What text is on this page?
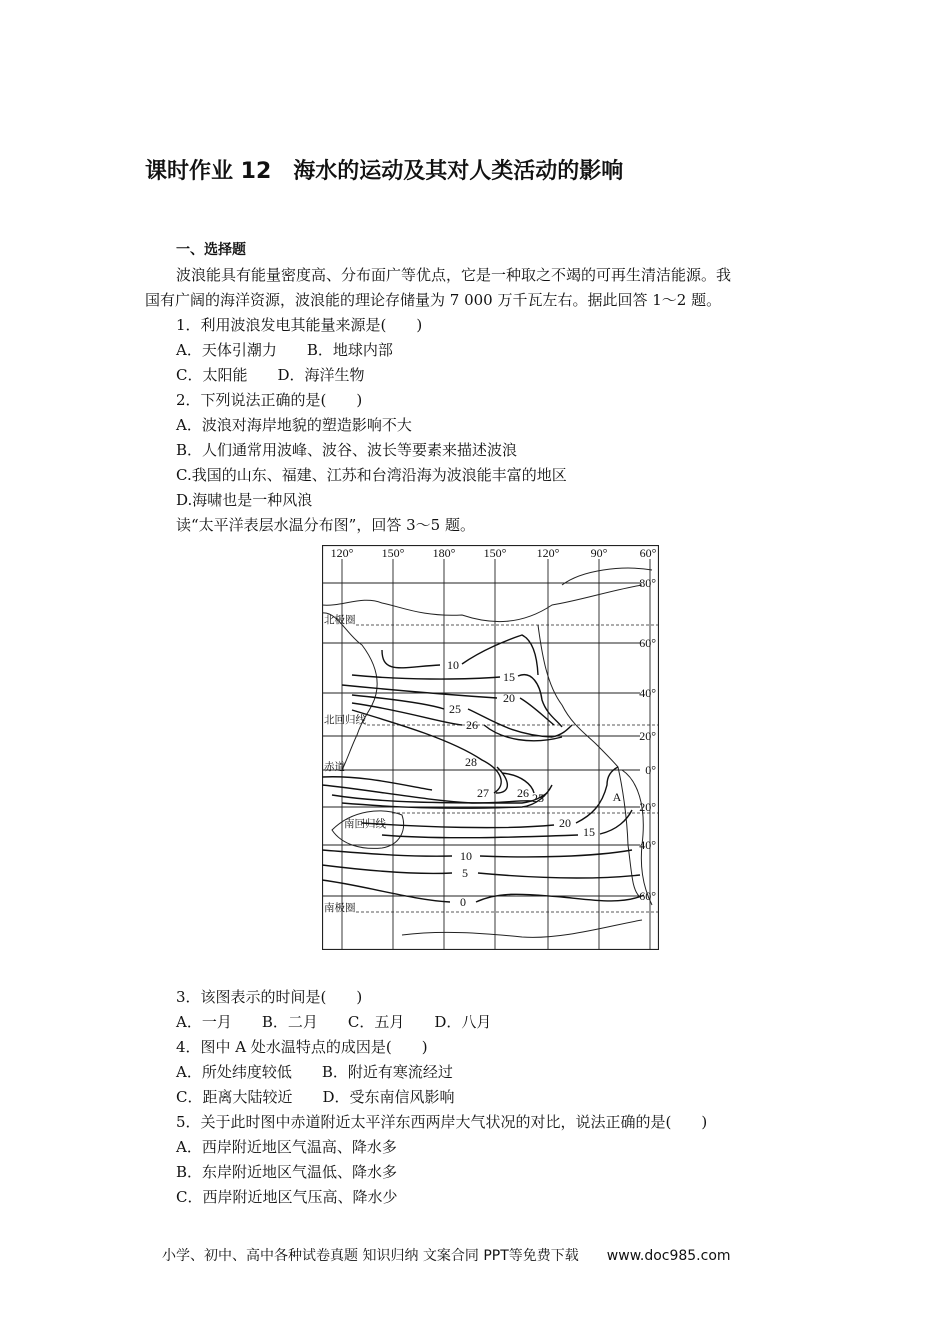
课时作业 12　海水的运动及其对人类活动的影响
一、选择题
波浪能具有能量密度高、分布面广等优点，它是一种取之不竭的可再生清洁能源。我
国有广阔的海洋资源，波浪能的理论存储量为 7 000 万千瓦左右。据此回答 1～2 题。
1．利用波浪发电其能量来源是(　　)
A．天体引潮力　　B．地球内部
C．太阳能　　D．海洋生物
2．下列说法正确的是(　　)
A．波浪对海岸地貌的塑造影响不大
B．人们通常用波峰、波谷、波长等要素来描述波浪
C.我国的山东、福建、江苏和台湾沿海为波浪能丰富的地区
D.海啸也是一种风浪
读“太平洋表层水温分布图”，回答 3～5 题。
120° 150° 180° 150°	120°	90°	60°
80°
60°
40°
20°
0°
20°
40°
60°
北极圈
北回归线
赤道
南回归线
南极圈
10
15
20
25
26
28
27 26 25
20
15
10
5
0
A
3．该图表示的时间是(　　)
A．一月　　B．二月　　C．五月　　D．八月
4．图中 A 处水温特点的成因是(　　)
A．所处纬度较低　　B．附近有寒流经过
C．距离大陆较近　　D．受东南信风影响
5．关于此时图中赤道附近太平洋东西两岸大气状况的对比，说法正确的是(　　)
A．西岸附近地区气温高、降水多
B．东岸附近地区气温低、降水多
C．西岸附近地区气压高、降水少
小学、初中、高中各种试卷真题 知识归纳 文案合同 PPT等免费下载 www.doc985.com
